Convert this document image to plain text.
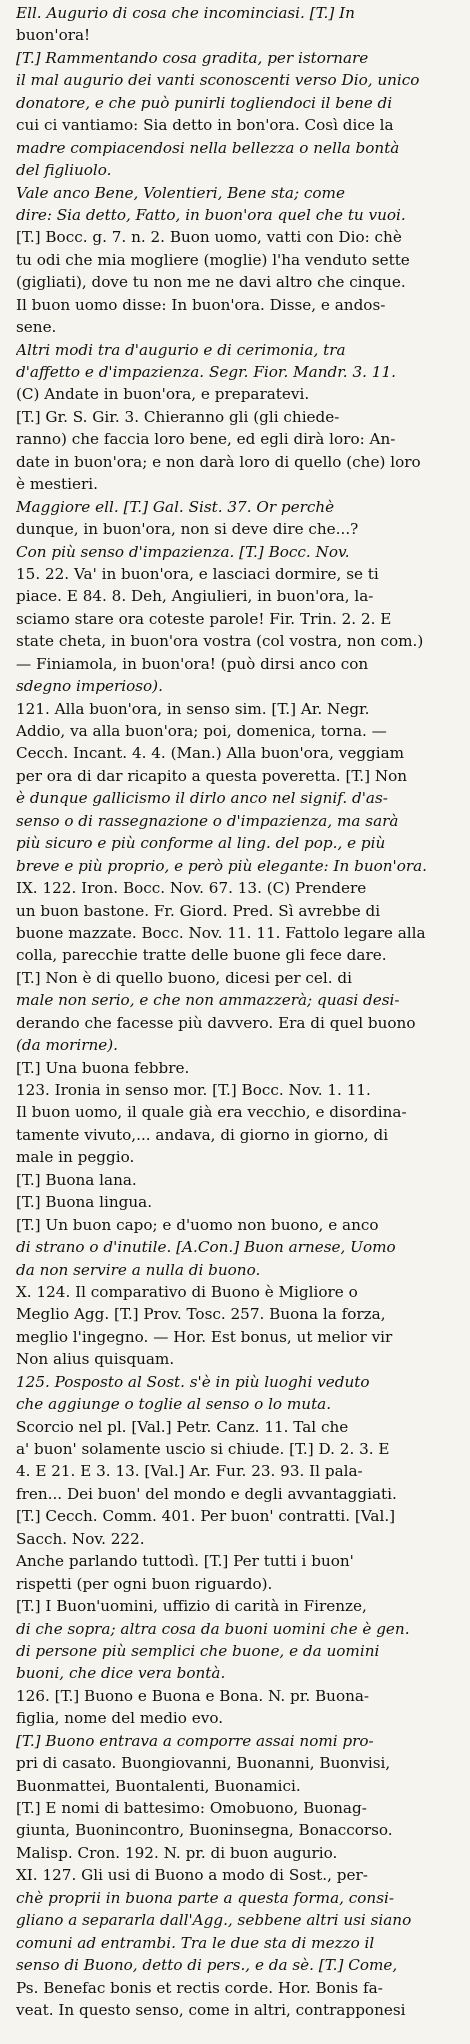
Ell. Augurio di cosa che incominciasi. [T.] In
buon'ora!
[T.] Rammentando cosa gradita, per istornare
il mal augurio dei vanti sconoscenti verso Dio, unico
donatore, e che può punirli togliendoci il bene di
cui ci vantiamo: Sia detto in bon'ora. Così dice la
madre compiacendosi nella bellezza o nella bontà
del figliuolo.
Vale anco Bene, Volentieri, Bene sta; come
dire: Sia detto, Fatto, in buon'ora quel che tu vuoi.
[T.] Bocc. g. 7. n. 2. Buon uomo, vatti con Dio: chè
tu odi che mia mogliere (moglie) l'ha venduto sette
(gigliati), dove tu non me ne davi altro che cinque.
Il buon uomo disse: In buon'ora. Disse, e andos-
sene.
Altri modi tra d'augurio e di cerimonia, tra
d'affetto e d'impazienza. Segr. Fior. Mandr. 3. 11.
(C) Andate in buon'ora, e preparatevi.
[T.] Gr. S. Gir. 3. Chieranno gli (gli chiede-
ranno) che faccia loro bene, ed egli dirà loro: An-
date in buon'ora; e non darà loro di quello (che) loro
è mestieri.
Maggiore ell. [T.] Gal. Sist. 37. Or perchè
dunque, in buon'ora, non si deve dire che...?
Con più senso d'impazienza. [T.] Bocc. Nov.
15. 22. Va' in buon'ora, e lasciaci dormire, se ti
piace. E 84. 8. Deh, Angiulieri, in buon'ora, la-
sciamo stare ora coteste parole! Fir. Trin. 2. 2. E
state cheta, in buon'ora vostra (col vostra, non com.)
— Finiamola, in buon'ora! (può dirsi anco con
sdegno imperioso).
121. Alla buon'ora, in senso sim. [T.] Ar. Negr.
Addio, va alla buon'ora; poi, domenica, torna. —
Cecch. Incant. 4. 4. (Man.) Alla buon'ora, veggiam
per ora di dar ricapito a questa poveretta. [T.] Non
è dunque gallicismo il dirlo anco nel signif. d'as-
senso o di rassegnazione o d'impazienza, ma sarà
più sicuro e più conforme al ling. del pop., e più
breve e più proprio, e però più elegante: In buon'ora.
IX. 122. Iron. Bocc. Nov. 67. 13. (C) Prendere
un buon bastone. Fr. Giord. Pred. Sì avrebbe di
buone mazzate. Bocc. Nov. 11. 11. Fattolo legare alla
colla, parecchie tratte delle buone gli fece dare.
[T.] Non è di quello buono, dicesi per cel. di
male non serio, e che non ammazzerà; quasi desi-
derando che facesse più davvero. Era di quel buono
(da morirne).
[T.] Una buona febbre.
123. Ironia in senso mor. [T.] Bocc. Nov. 1. 11.
Il buon uomo, il quale già era vecchio, e disordina-
tamente vivuto,... andava, di giorno in giorno, di
male in peggio.
[T.] Buona lana.
[T.] Buona lingua.
[T.] Un buon capo; e d'uomo non buono, e anco
di strano o d'inutile. [A.Con.] Buon arnese, Uomo
da non servire a nulla di buono.
X. 124. Il comparativo di Buono è Migliore o
Meglio Agg. [T.] Prov. Tosc. 257. Buona la forza,
meglio l'ingegno. — Hor. Est bonus, ut melior vir
Non alius quisquam.
125. Posposto al Sost. s'è in più luoghi veduto
che aggiunge o toglie al senso o lo muta.
Scorcio nel pl. [Val.] Petr. Canz. 11. Tal che
a' buon' solamente uscio si chiude. [T.] D. 2. 3. E
4. E 21. E 3. 13. [Val.] Ar. Fur. 23. 93. Il pala-
fren... Dei buon' del mondo e degli avvantaggiati.
[T.] Cecch. Comm. 401. Per buon' contratti. [Val.]
Sacch. Nov. 222.
Anche parlando tuttodì. [T.] Per tutti i buon'
rispetti (per ogni buon riguardo).
[T.] I Buon'uomini, uffizio di carità in Firenze,
di che sopra; altra cosa da buoni uomini che è gen.
di persone più semplici che buone, e da uomini
buoni, che dice vera bontà.
126. [T.] Buono e Buona e Bona. N. pr. Buona-
figlia, nome del medio evo.
[T.] Buono entrava a comporre assai nomi pro-
pri di casato. Buongiovanni, Buonanni, Buonvisi,
Buonmattei, Buontalenti, Buonamici.
[T.] E nomi di battesimo: Omobuono, Buonag-
giunta, Buonincontro, Buoninsegna, Bonaccorso.
Malisp. Cron. 192. N. pr. di buon augurio.
XI. 127. Gli usi di Buono a modo di Sost., per-
chè proprii in buona parte a questa forma, consi-
gliano a separarla dall'Agg., sebbene altri usi siano
comuni ad entrambi. Tra le due sta di mezzo il
senso di Buono, detto di pers., e da sè. [T.] Come,
Ps. Benefac bonis et rectis corde. Hor. Bonis fa-
veat. In questo senso, come in altri, contrapponesi
